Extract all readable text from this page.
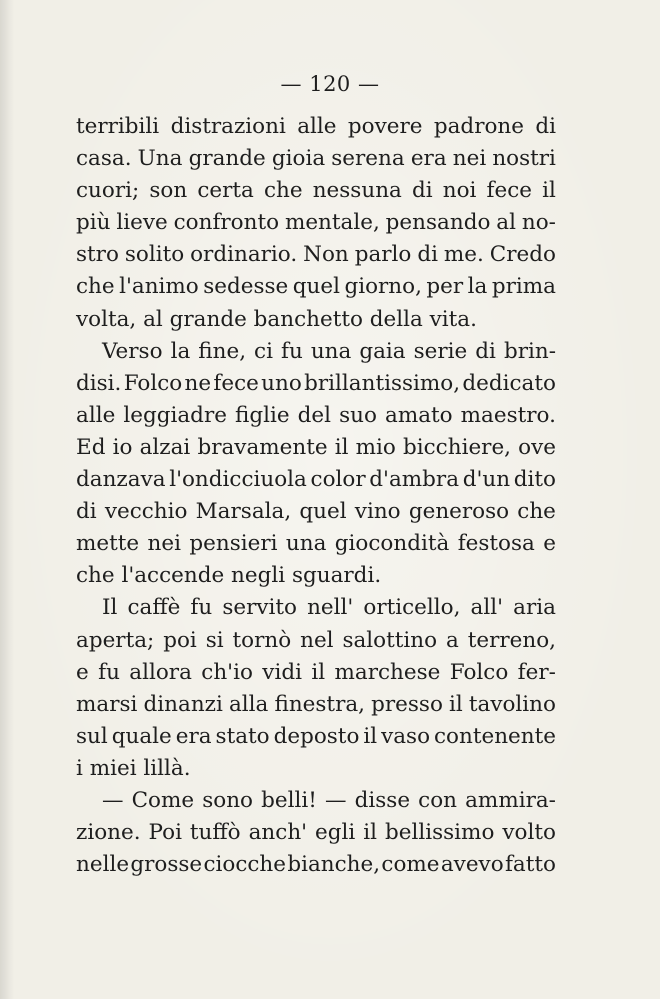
— 120 —
terribili distrazioni alle povere padrone di
casa. Una grande gioia serena era nei nostri
cuori; son certa che nessuna di noi fece il
più lieve confronto mentale, pensando al no-
stro solito ordinario. Non parlo di me. Credo
che l'animo sedesse quel giorno, per la prima
volta, al grande banchetto della vita.
Verso la fine, ci fu una gaia serie di brin-
disi. Folco ne fece uno brillantissimo, dedicato
alle leggiadre figlie del suo amato maestro.
Ed io alzai bravamente il mio bicchiere, ove
danzava l'ondicciuola color d'ambra d'un dito
di vecchio Marsala, quel vino generoso che
mette nei pensieri una giocondità festosa e
che l'accende negli sguardi.
Il caffè fu servito nell' orticello, all' aria
aperta; poi si tornò nel salottino a terreno,
e fu allora ch'io vidi il marchese Folco fer-
marsi dinanzi alla finestra, presso il tavolino
sul quale era stato deposto il vaso contenente
i miei lillà.
— Come sono belli! — disse con ammira-
zione. Poi tuffò anch' egli il bellissimo volto
nelle grosse ciocche bianche, come avevo fatto
